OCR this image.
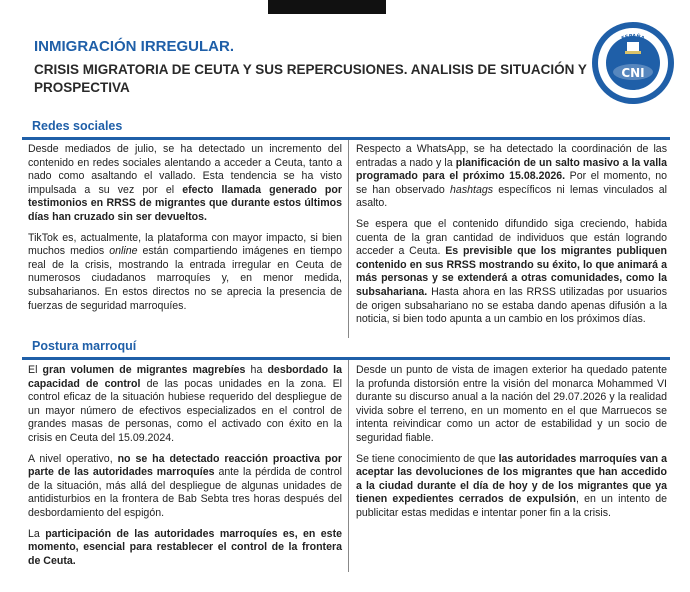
INMIGRACIÓN IRREGULAR.

CRISIS MIGRATORIA DE CEUTA Y SUS REPERCUSIONES. ANALISIS DE SITUACIÓN Y
PROSPECTIVA

ESPAÑA
CENTRO NACIONAL DE INTELIGENCIA
CNI
Redes sociales

Desde mediados de julio, se ha detectado un incremento del contenido en redes sociales alentando a acceder a Ceuta, tanto a nado como asaltando el vallado. Esta tendencia se ha visto impulsada a su vez por el efecto llamada generado por testimonios en RRSS de migrantes que durante estos últimos días han cruzado sin ser devueltos.

TikTok es, actualmente, la plataforma con mayor impacto, si bien muchos medios online están compartiendo imágenes en tiempo real de la crisis, mostrando la entrada irregular en Ceuta de numerosos ciudadanos marroquíes y, en menor medida, subsaharianos. En estos directos no se aprecia la presencia de fuerzas de seguridad marroquíes.

Respecto a WhatsApp, se ha detectado la coordinación de las entradas a nado y la planificación de un salto masivo a la valla programado para el próximo 15.08.2026. Por el momento, no se han observado hashtags específicos ni lemas vinculados al asalto.

Se espera que el contenido difundido siga creciendo, habida cuenta de la gran cantidad de individuos que están logrando acceder a Ceuta. Es previsible que los migrantes publiquen contenido en sus RRSS mostrando su éxito, lo que animará a más personas y se extenderá a otras comunidades, como la subsahariana. Hasta ahora en las RRSS utilizadas por usuarios de origen subsahariano no se estaba dando apenas difusión a la noticia, si bien todo apunta a un cambio en los próximos días.

Postura marroquí

El gran volumen de migrantes magrebíes ha desbordado la capacidad de control de las pocas unidades en la zona. El control eficaz de la situación hubiese requerido del despliegue de un mayor número de efectivos especializados en el control de grandes masas de personas, como el activado con éxito en la crisis en Ceuta del 15.09.2024.

A nivel operativo, no se ha detectado reacción proactiva por parte de las autoridades marroquíes ante la pérdida de control de la situación, más allá del despliegue de algunas unidades de antidisturbios en la frontera de Bab Sebta tres horas después del desbordamiento del espigón.

La participación de las autoridades marroquíes es, en este momento, esencial para restablecer el control de la frontera de Ceuta.

Desde un punto de vista de imagen exterior ha quedado patente la profunda distorsión entre la visión del monarca Mohammed VI durante su discurso anual a la nación del 29.07.2026 y la realidad vivida sobre el terreno, en un momento en el que Marruecos se intenta reivindicar como un actor de estabilidad y un socio de seguridad fiable.

Se tiene conocimiento de que las autoridades marroquíes van a aceptar las devoluciones de los migrantes que han accedido a la ciudad durante el día de hoy y de los migrantes que ya tienen expedientes cerrados de expulsión, en un intento de publicitar estas medidas e intentar poner fin a la crisis.
